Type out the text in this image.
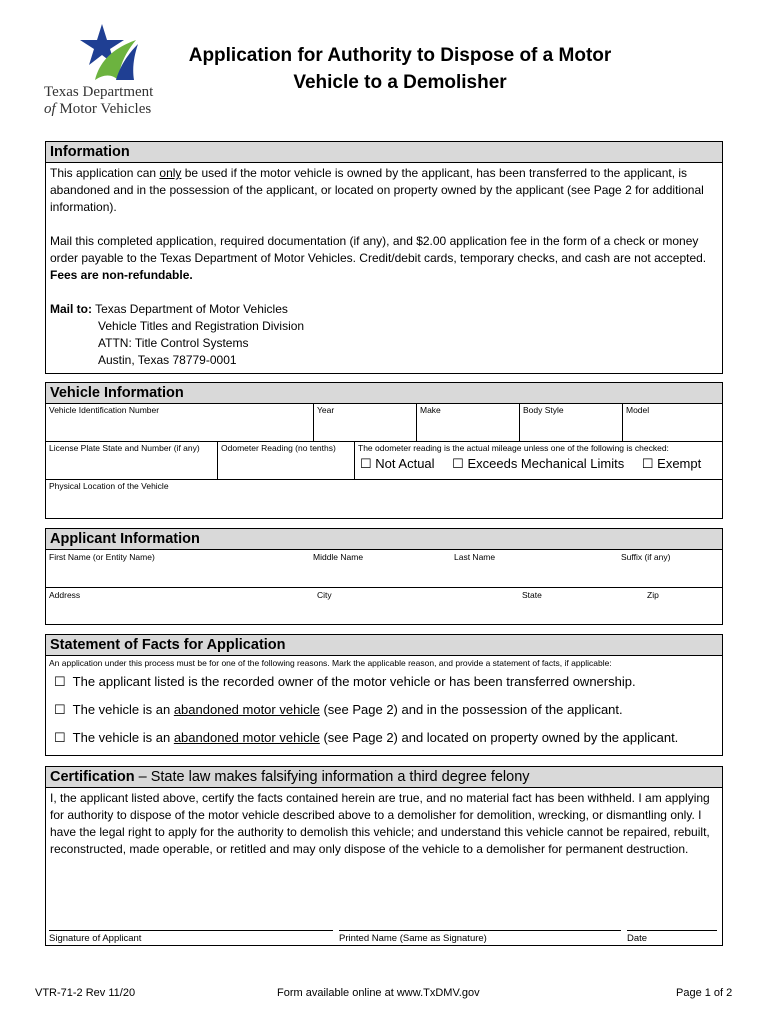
Texas Department
of Motor Vehicles
Application for Authority to Dispose of a Motor
Vehicle to a Demolisher
Information
This application can only be used if the motor vehicle is owned by the applicant, has been transferred to the applicant, is abandoned and in the possession of the applicant, or located on property owned by the applicant (see Page 2 for additional information).
Mail this completed application, required documentation (if any), and $2.00 application fee in the form of a check or money order payable to the Texas Department of Motor Vehicles. Credit/debit cards, temporary checks, and cash are not accepted. Fees are non-refundable.
Mail to: Texas Department of Motor Vehicles
Vehicle Titles and Registration Division
ATTN: Title Control Systems
Austin, Texas 78779-0001
Vehicle Information
Vehicle Identification Number	Year	Make	Body Style	Model
License Plate State and Number (if any)	Odometer Reading (no tenths)	The odometer reading is the actual mileage unless one of the following is checked:
☐ Not Actual ☐ Exceeds Mechanical Limits ☐ Exempt
Physical Location of the Vehicle
Applicant Information
First Name (or Entity Name)	Middle Name	Last Name	Suffix (if any)
Address	City	State	Zip
Statement of Facts for Application
An application under this process must be for one of the following reasons. Mark the applicable reason, and provide a statement of facts, if applicable:
☐ The applicant listed is the recorded owner of the motor vehicle or has been transferred ownership.
☐ The vehicle is an abandoned motor vehicle (see Page 2) and in the possession of the applicant.
☐ The vehicle is an abandoned motor vehicle (see Page 2) and located on property owned by the applicant.
Certification – State law makes falsifying information a third degree felony
I, the applicant listed above, certify the facts contained herein are true, and no material fact has been withheld. I am applying for authority to dispose of the motor vehicle described above to a demolisher for demolition, wrecking, or dismantling only. I have the legal right to apply for the authority to demolish this vehicle; and understand this vehicle cannot be repaired, rebuilt, reconstructed, made operable, or retitled and may only dispose of the vehicle to a demolisher for permanent destruction.
Signature of Applicant	Printed Name (Same as Signature)	Date
VTR-71-2 Rev 11/20	Form available online at www.TxDMV.gov	Page 1 of 2
